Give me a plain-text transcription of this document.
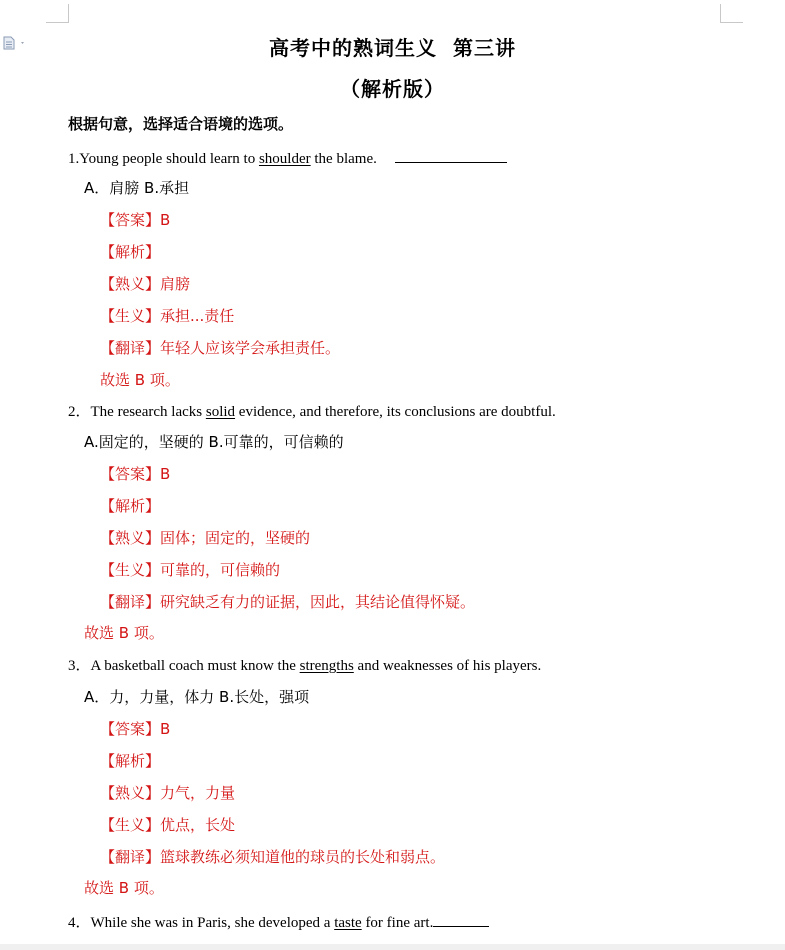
高考中的熟词生义  第三讲
（解析版）
根据句意，选择适合语境的选项。
1.Young people should learn to shoulder the blame.
A．肩膀 B.承担
【答案】B
【解析】
【熟义】肩膀
【生义】承担...责任
【翻译】年轻人应该学会承担责任。
故选 B 项。
2．The research lacks solid evidence, and therefore, its conclusions are doubtful.
A.固定的，坚硬的 B.可靠的，可信赖的
【答案】B
【解析】
【熟义】固体；固定的，坚硬的
【生义】可靠的，可信赖的
【翻译】研究缺乏有力的证据，因此，其结论值得怀疑。
故选 B 项。
3．A basketball coach must know the strengths and weaknesses of his players.
A．力，力量，体力 B.长处，强项
【答案】B
【解析】
【熟义】力气，力量
【生义】优点，长处
【翻译】篮球教练必须知道他的球员的长处和弱点。
故选 B 项。
4．While she was in Paris, she developed a taste for fine art.
